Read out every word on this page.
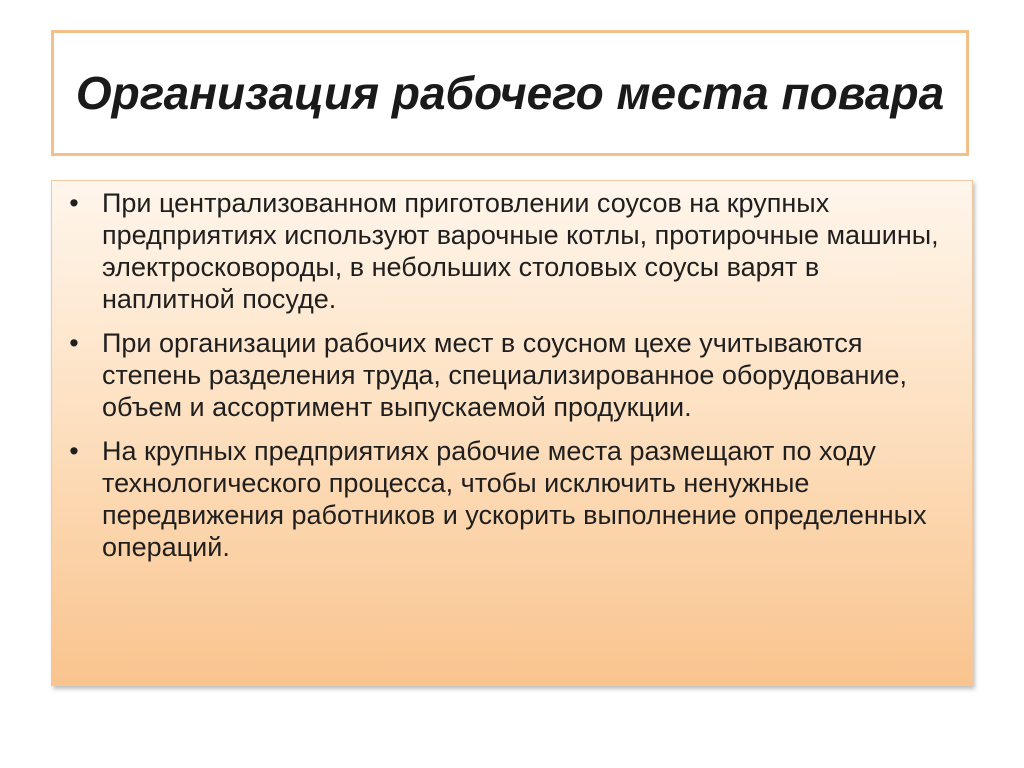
Организация рабочего места повара
• При централизованном приготовлении соусов на крупных предприятиях используют варочные котлы, протирочные машины, электросковороды, в небольших столовых соусы варят в наплитной посуде.
• При организации рабочих мест в соусном цехе учитываются степень разделения труда, специализированное оборудование, объем и ассортимент выпускаемой продукции.
• На крупных предприятиях рабочие места размещают по ходу технологического процесса, чтобы исключить ненужные передвижения работников и ускорить выполнение определенных операций.
